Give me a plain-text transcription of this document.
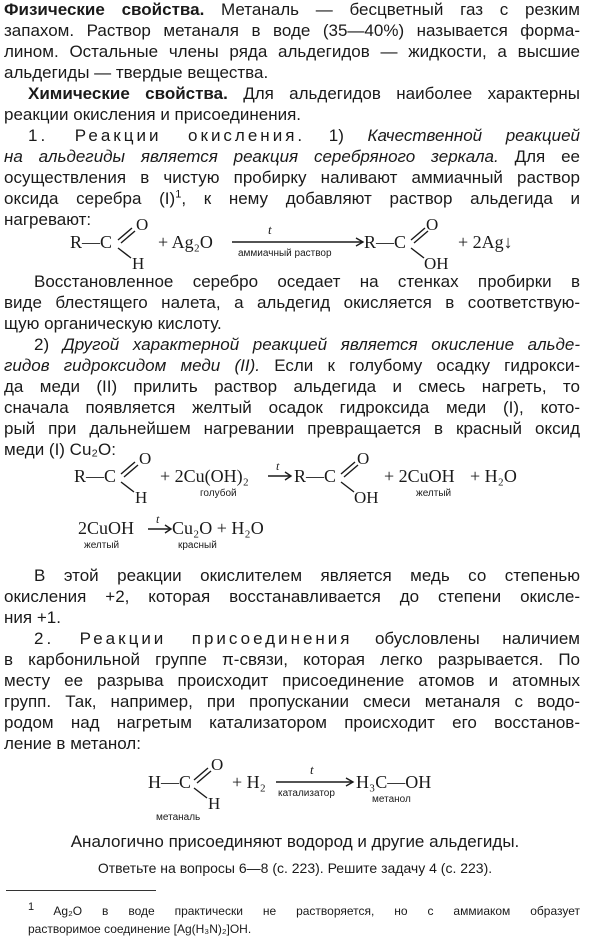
Физические свойства. Метаналь — бесцветный газ с резким
запахом. Раствор метаналя в воде (35—40%) называется форма-
лином. Остальные члены ряда альдегидов — жидкости, а высшие
альдегиды — твердые вещества.
Химические свойства. Для альдегидов наиболее характерны
реакции окисления и присоединения.
1. Реакции окисления. 1) Качественной реакцией
на альдегиды является реакция серебряного зеркала. Для ее
осуществления в чистую пробирку наливают аммиачный раствор
оксида серебра $(I)^1$, к нему добавляют раствор альдегида и
нагревают:
R—C
O
H
+ Ag₂O
t
аммиачный раствор
R—C
O
OH
+ 2Ag↓
Восстановленное серебро оседает на стенках пробирки в
виде блестящего налета, а альдегид окисляется в соответствую-
щую органическую кислоту.
2) Другой характерной реакцией является окисление альде-
гидов гидроксидом меди (II). Если к голубому осадку гидрокси-
да меди (II) прилить раствор альдегида и смесь нагреть, то
сначала появляется желтый осадок гидроксида меди (I), кото-
рый при дальнейшем нагревании превращается в красный оксид
меди (I) Cu₂O:
R—C
O
H
+ 2Cu(OH)₂
голубой
t R—C
O
OH
+ 2CuOH
желтый
+ H₂O
2CuOH
желтый
t Cu₂O + H₂O
красный
В этой реакции окислителем является медь со степенью
окисления +2, которая восстанавливается до степени окисле-
ния +1.
2. Реакции присоединения обусловлены наличием
в карбонильной группе π-связи, которая легко разрывается. По
месту ее разрыва происходит присоединение атомов и атомных
групп. Так, например, при пропускании смеси метаналя с водо-
родом над нагретым катализатором происходит его восстанов-
ление в метанол:
H—C
O
H
метаналь
+ H₂
t
катализатор
H₃C—OH
метанол
Аналогично присоединяют водород и другие альдегиды.
Ответьте на вопросы 6—8 (с. 223). Решите задачу 4 (с. 223).
$^1$ Ag₂O в воде практически не растворяется, но с аммиаком образует
растворимое соединение [Ag(H₃N)₂]OH.
